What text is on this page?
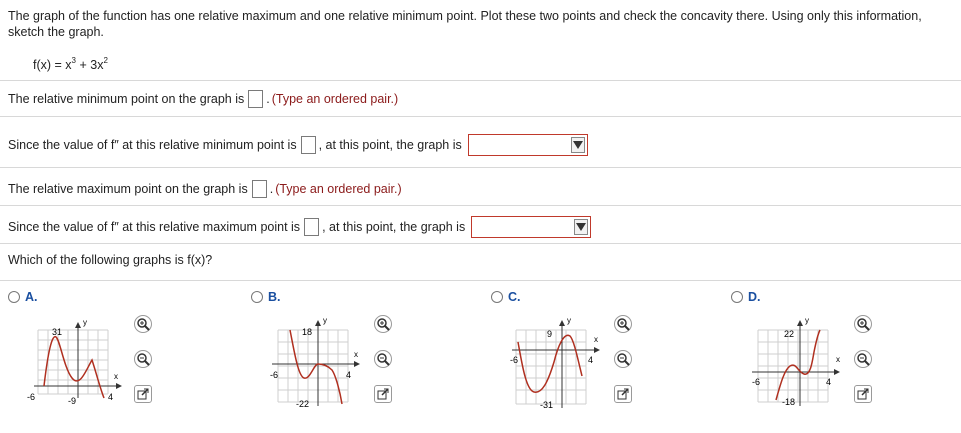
The graph of the function has one relative maximum and one relative minimum point. Plot these two points and check the concavity there. Using only this information, sketch the graph.
$f(x) = x^3 + 3x^2$
The relative minimum point on the graph is . (Type an ordered pair.)
Since the value of f″ at this relative minimum point is , at this point, the graph is
The relative maximum point on the graph is . (Type an ordered pair.)
Since the value of f″ at this relative maximum point is , at this point, the graph is
Which of the following graphs is f(x)?
A.
31
-9
-6	4
x
y
B.
18
-22
-6	4
x
y
C.
9
-31
-6	4
x
y
D.
22
-18
-6	4
x
y
